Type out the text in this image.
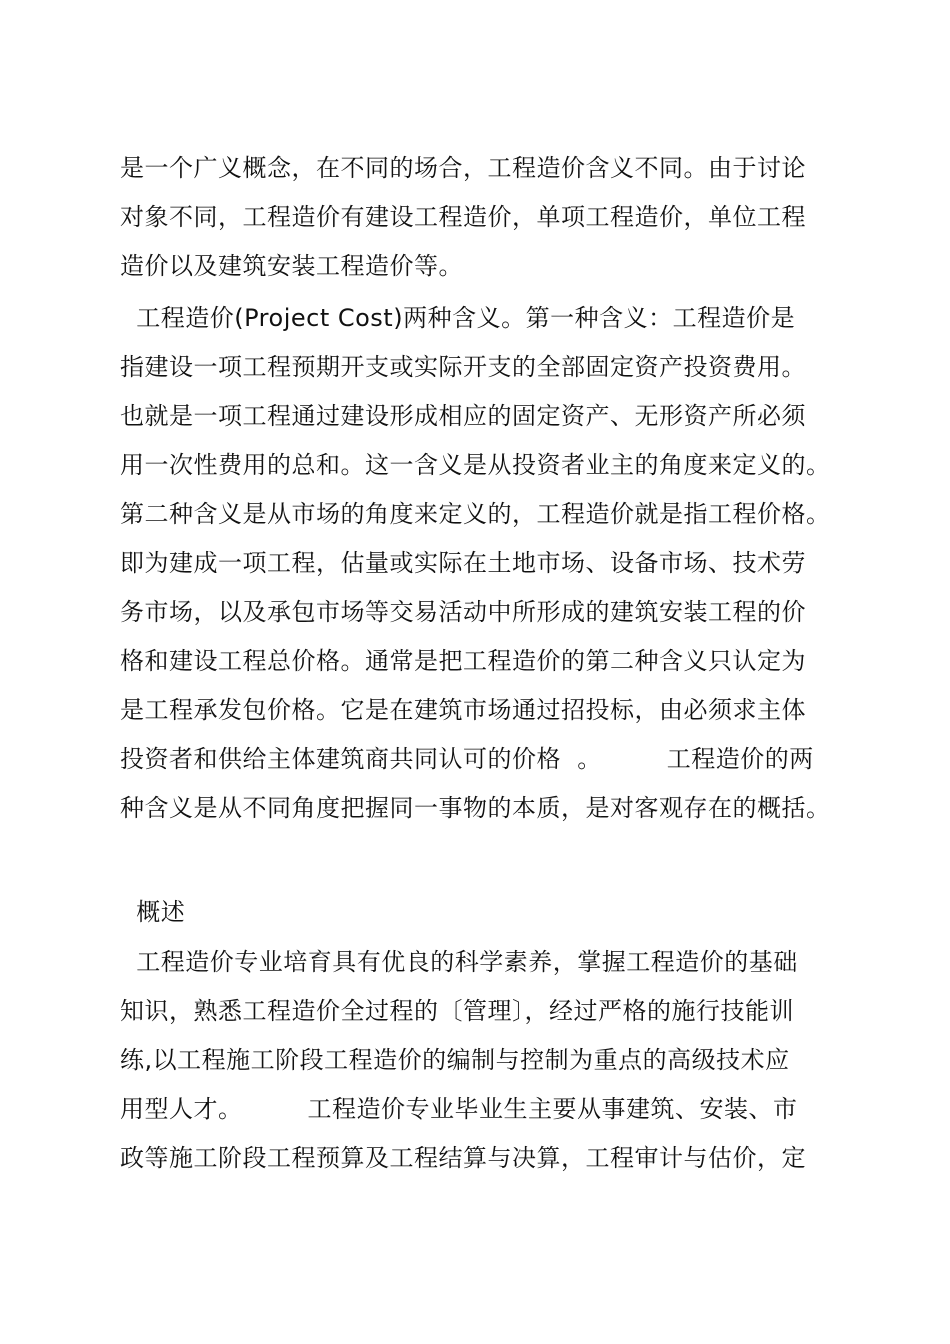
是一个广义概念，在不同的场合，工程造价含义不同。由于讨论
对象不同，工程造价有建设工程造价，单项工程造价，单位工程
造价以及建筑安装工程造价等。
工程造价(Project Cost)两种含义。第一种含义：工程造价是
指建设一项工程预期开支或实际开支的全部固定资产投资费用。
也就是一项工程通过建设形成相应的固定资产、无形资产所必须
用一次性费用的总和。这一含义是从投资者业主的角度来定义的。
第二种含义是从市场的角度来定义的，工程造价就是指工程价格。
即为建成一项工程，估量或实际在土地市场、设备市场、技术劳
务市场，以及承包市场等交易活动中所形成的建筑安装工程的价
格和建设工程总价格。通常是把工程造价的第二种含义只认定为
是工程承发包价格。它是在建筑市场通过招投标，由必须求主体
投资者和供给主体建筑商共同认可的价格  。        工程造价的两
种含义是从不同角度把握同一事物的本质，是对客观存在的概括。
概述
工程造价专业培育具有优良的科学素养，掌握工程造价的基础
知识，熟悉工程造价全过程的〔管理〕，经过严格的施行技能训
练,以工程施工阶段工程造价的编制与控制为重点的高级技术应
用型人才。        工程造价专业毕业生主要从事建筑、安装、市
政等施工阶段工程预算及工程结算与决算，工程审计与估价，定
